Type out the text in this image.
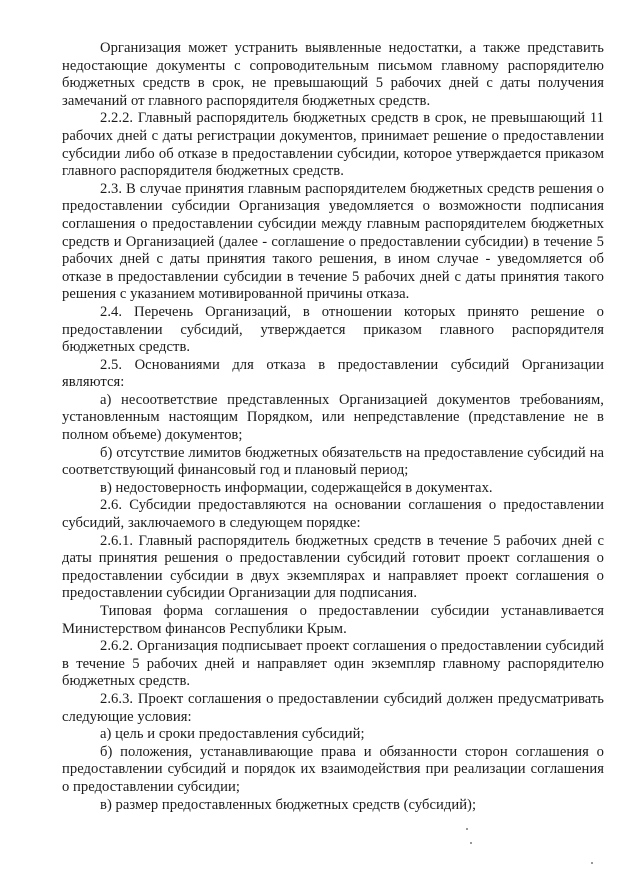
Организация может устранить выявленные недостатки, а также представить недостающие документы с сопроводительным письмом главному распорядителю бюджетных средств в срок, не превышающий 5 рабочих дней с даты получения замечаний от главного распорядителя бюджетных средств.

2.2.2. Главный распорядитель бюджетных средств в срок, не превышающий 11 рабочих дней с даты регистрации документов, принимает решение о предоставлении субсидии либо об отказе в предоставлении субсидии, которое утверждается приказом главного распорядителя бюджетных средств.

2.3. В случае принятия главным распорядителем бюджетных средств решения о предоставлении субсидии Организация уведомляется о возможности подписания соглашения о предоставлении субсидии между главным распорядителем бюджетных средств и Организацией (далее - соглашение о предоставлении субсидии) в течение 5 рабочих дней с даты принятия такого решения, в ином случае - уведомляется об отказе в предоставлении субсидии в течение 5 рабочих дней с даты принятия такого решения с указанием мотивированной причины отказа.

2.4. Перечень Организаций, в отношении которых принято решение о предоставлении субсидий, утверждается приказом главного распорядителя бюджетных средств.

2.5. Основаниями для отказа в предоставлении субсидий Организации являются:

а) несоответствие представленных Организацией документов требованиям, установленным настоящим Порядком, или непредставление (представление не в полном объеме) документов;

б) отсутствие лимитов бюджетных обязательств на предоставление субсидий на соответствующий финансовый год и плановый период;

в) недостоверность информации, содержащейся в документах.

2.6. Субсидии предоставляются на основании соглашения о предоставлении субсидий, заключаемого в следующем порядке:

2.6.1. Главный распорядитель бюджетных средств в течение 5 рабочих дней с даты принятия решения о предоставлении субсидий готовит проект соглашения о предоставлении субсидии в двух экземплярах и направляет проект соглашения о предоставлении субсидии Организации для подписания.

Типовая форма соглашения о предоставлении субсидии устанавливается Министерством финансов Республики Крым.

2.6.2. Организация подписывает проект соглашения о предоставлении субсидий в течение 5 рабочих дней и направляет один экземпляр главному распорядителю бюджетных средств.

2.6.3. Проект соглашения о предоставлении субсидий должен предусматривать следующие условия:

а) цель и сроки предоставления субсидий;

б) положения, устанавливающие права и обязанности сторон соглашения о предоставлении субсидий и порядок их взаимодействия при реализации соглашения о предоставлении субсидии;

в) размер предоставленных бюджетных средств (субсидий);
